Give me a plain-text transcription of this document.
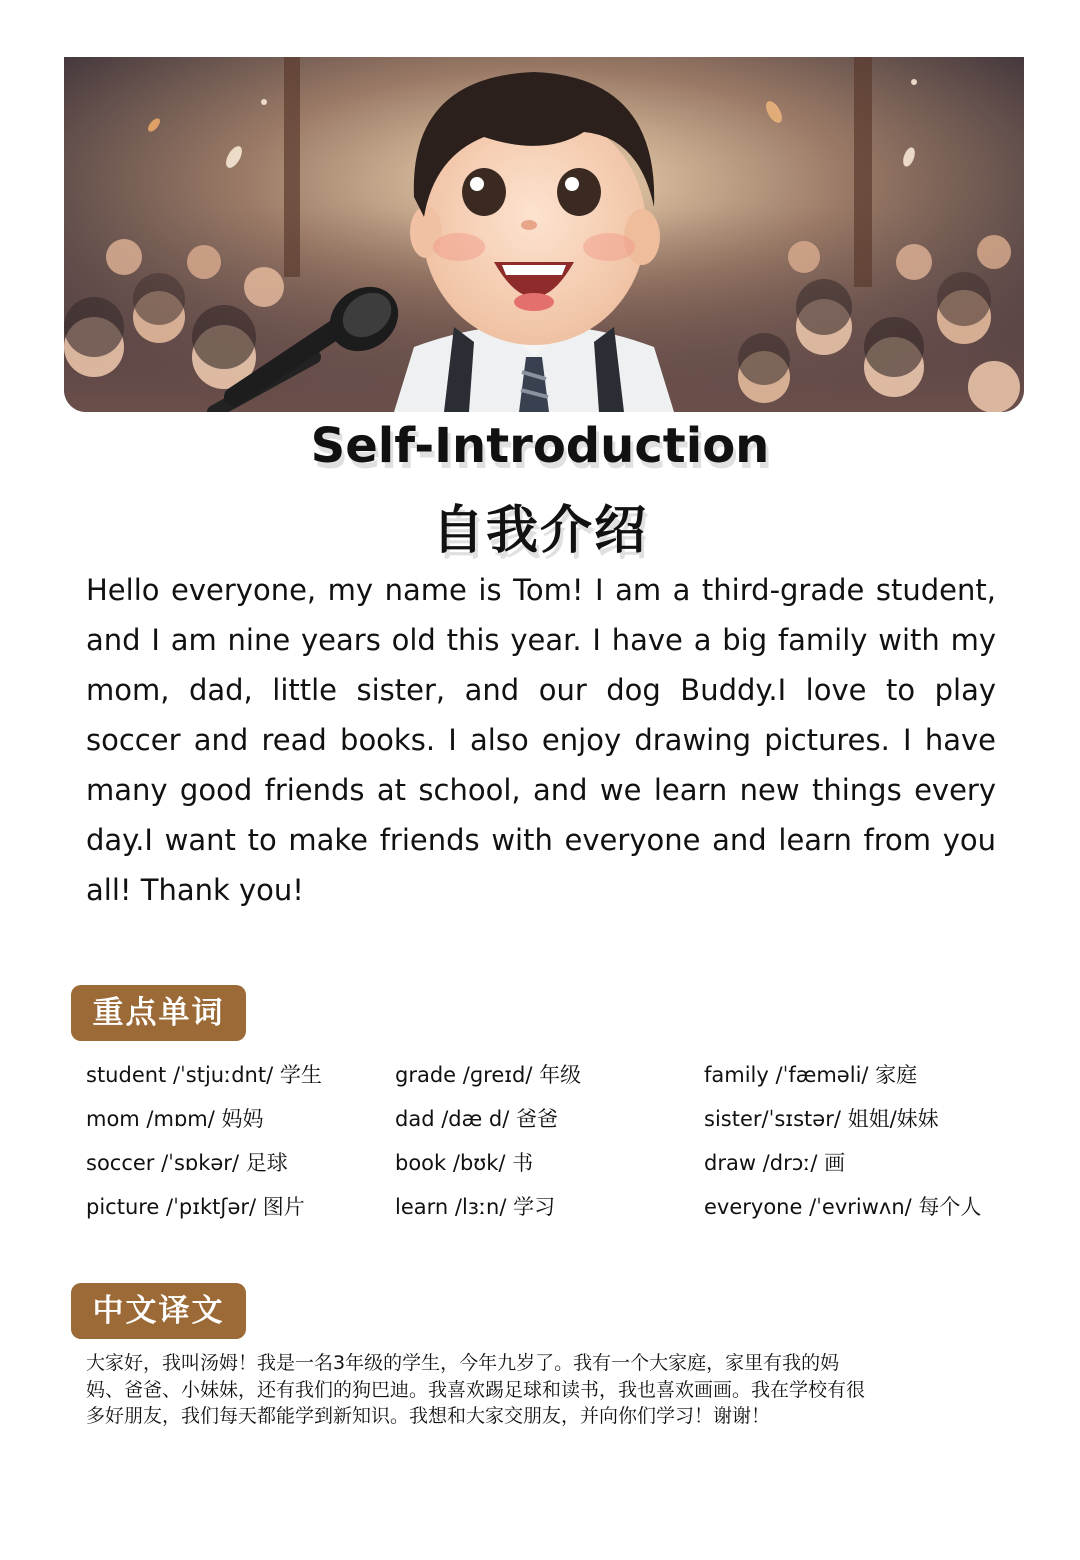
Self-Introduction
自我介绍

Hello everyone, my name is Tom! I am a third-grade student, and I am nine years old this year. I have a big family with my mom, dad, little sister, and our dog Buddy.I love to play soccer and read books. I also enjoy drawing pictures. I have many good friends at school, and we learn new things every day.I want to make friends with everyone and learn from you all! Thank you!

重点单词
student /ˈstjuːdnt/ 学生	grade /ɡreɪd/ 年级	family /ˈfæməli/ 家庭
mom /mɒm/ 妈妈	dad /dæ d/ 爸爸	sister/ˈsɪstər/ 姐姐/妹妹
soccer /ˈsɒkər/ 足球	book /bʊk/ 书	draw /drɔː/ 画
picture /ˈpɪktʃər/ 图片	learn /lɜːn/ 学习	everyone /ˈevriwʌn/ 每个人
中文译文

大家好，我叫汤姆！我是一名3年级的学生，今年九岁了。我有一个大家庭，家里有我的妈妈、爸爸、小妹妹，还有我们的狗巴迪。我喜欢踢足球和读书，我也喜欢画画。我在学校有很多好朋友，我们每天都能学到新知识。我想和大家交朋友，并向你们学习！谢谢！
